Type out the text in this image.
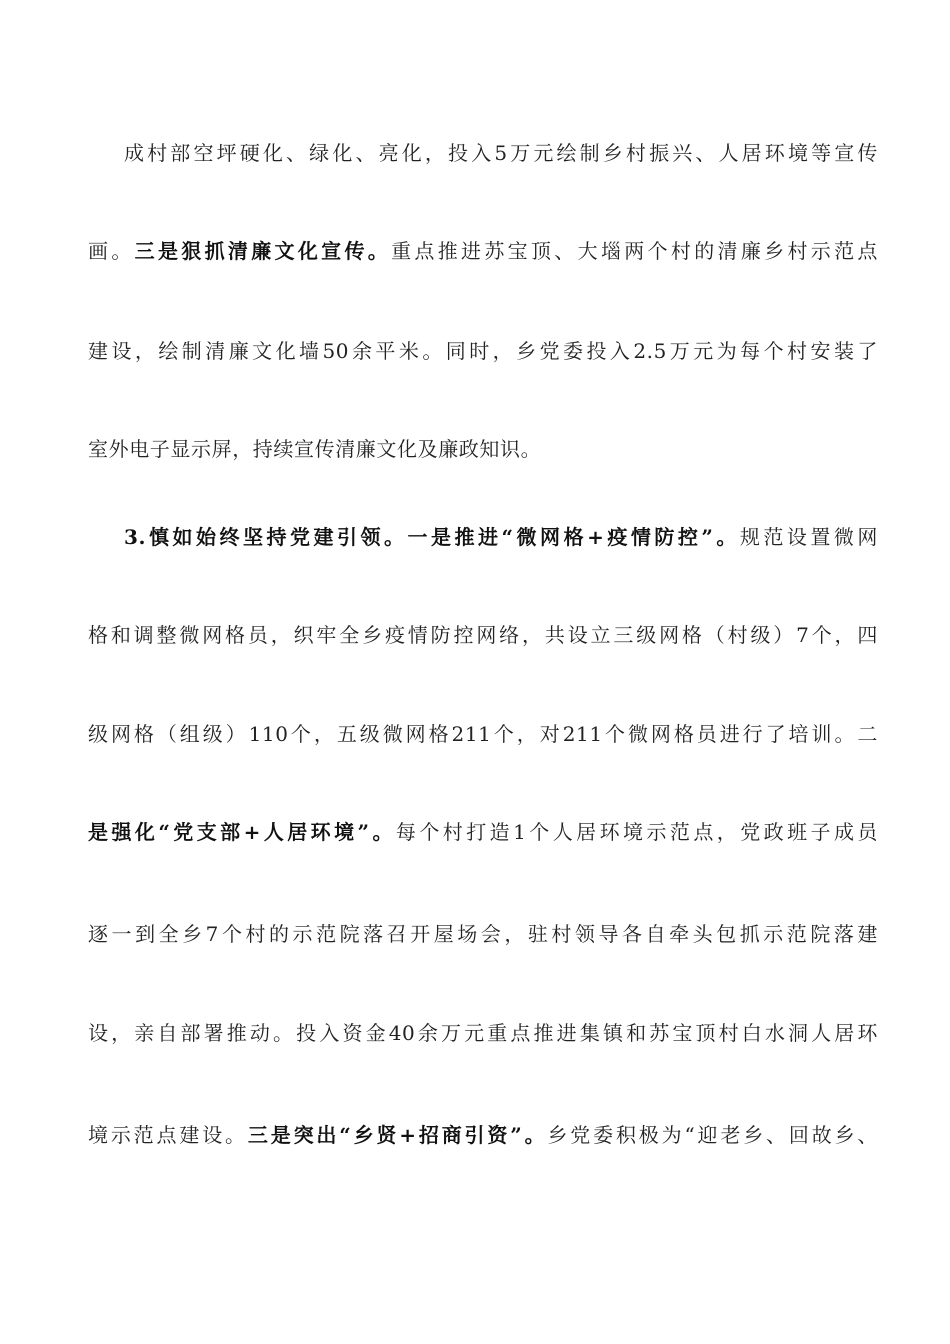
成村部空坪硬化、绿化、亮化，投入5万元绘制乡村振兴、人居环境等宣传
画。三是狠抓清廉文化宣传。重点推进苏宝顶、大堖两个村的清廉乡村示范点
建设，绘制清廉文化墙50余平米。同时，乡党委投入2.5万元为每个村安装了
室外电子显示屏，持续宣传清廉文化及廉政知识。
3.慎如始终坚持党建引领。一是推进“微网格+疫情防控”。规范设置微网
格和调整微网格员，织牢全乡疫情防控网络，共设立三级网格（村级）7个，四
级网格（组级）110个，五级微网格211个，对211个微网格员进行了培训。二
是强化“党支部+人居环境”。每个村打造1个人居环境示范点，党政班子成员
逐一到全乡7个村的示范院落召开屋场会，驻村领导各自牵头包抓示范院落建
设，亲自部署推动。投入资金40余万元重点推进集镇和苏宝顶村白水洞人居环
境示范点建设。三是突出“乡贤+招商引资”。乡党委积极为“迎老乡、回故乡、
